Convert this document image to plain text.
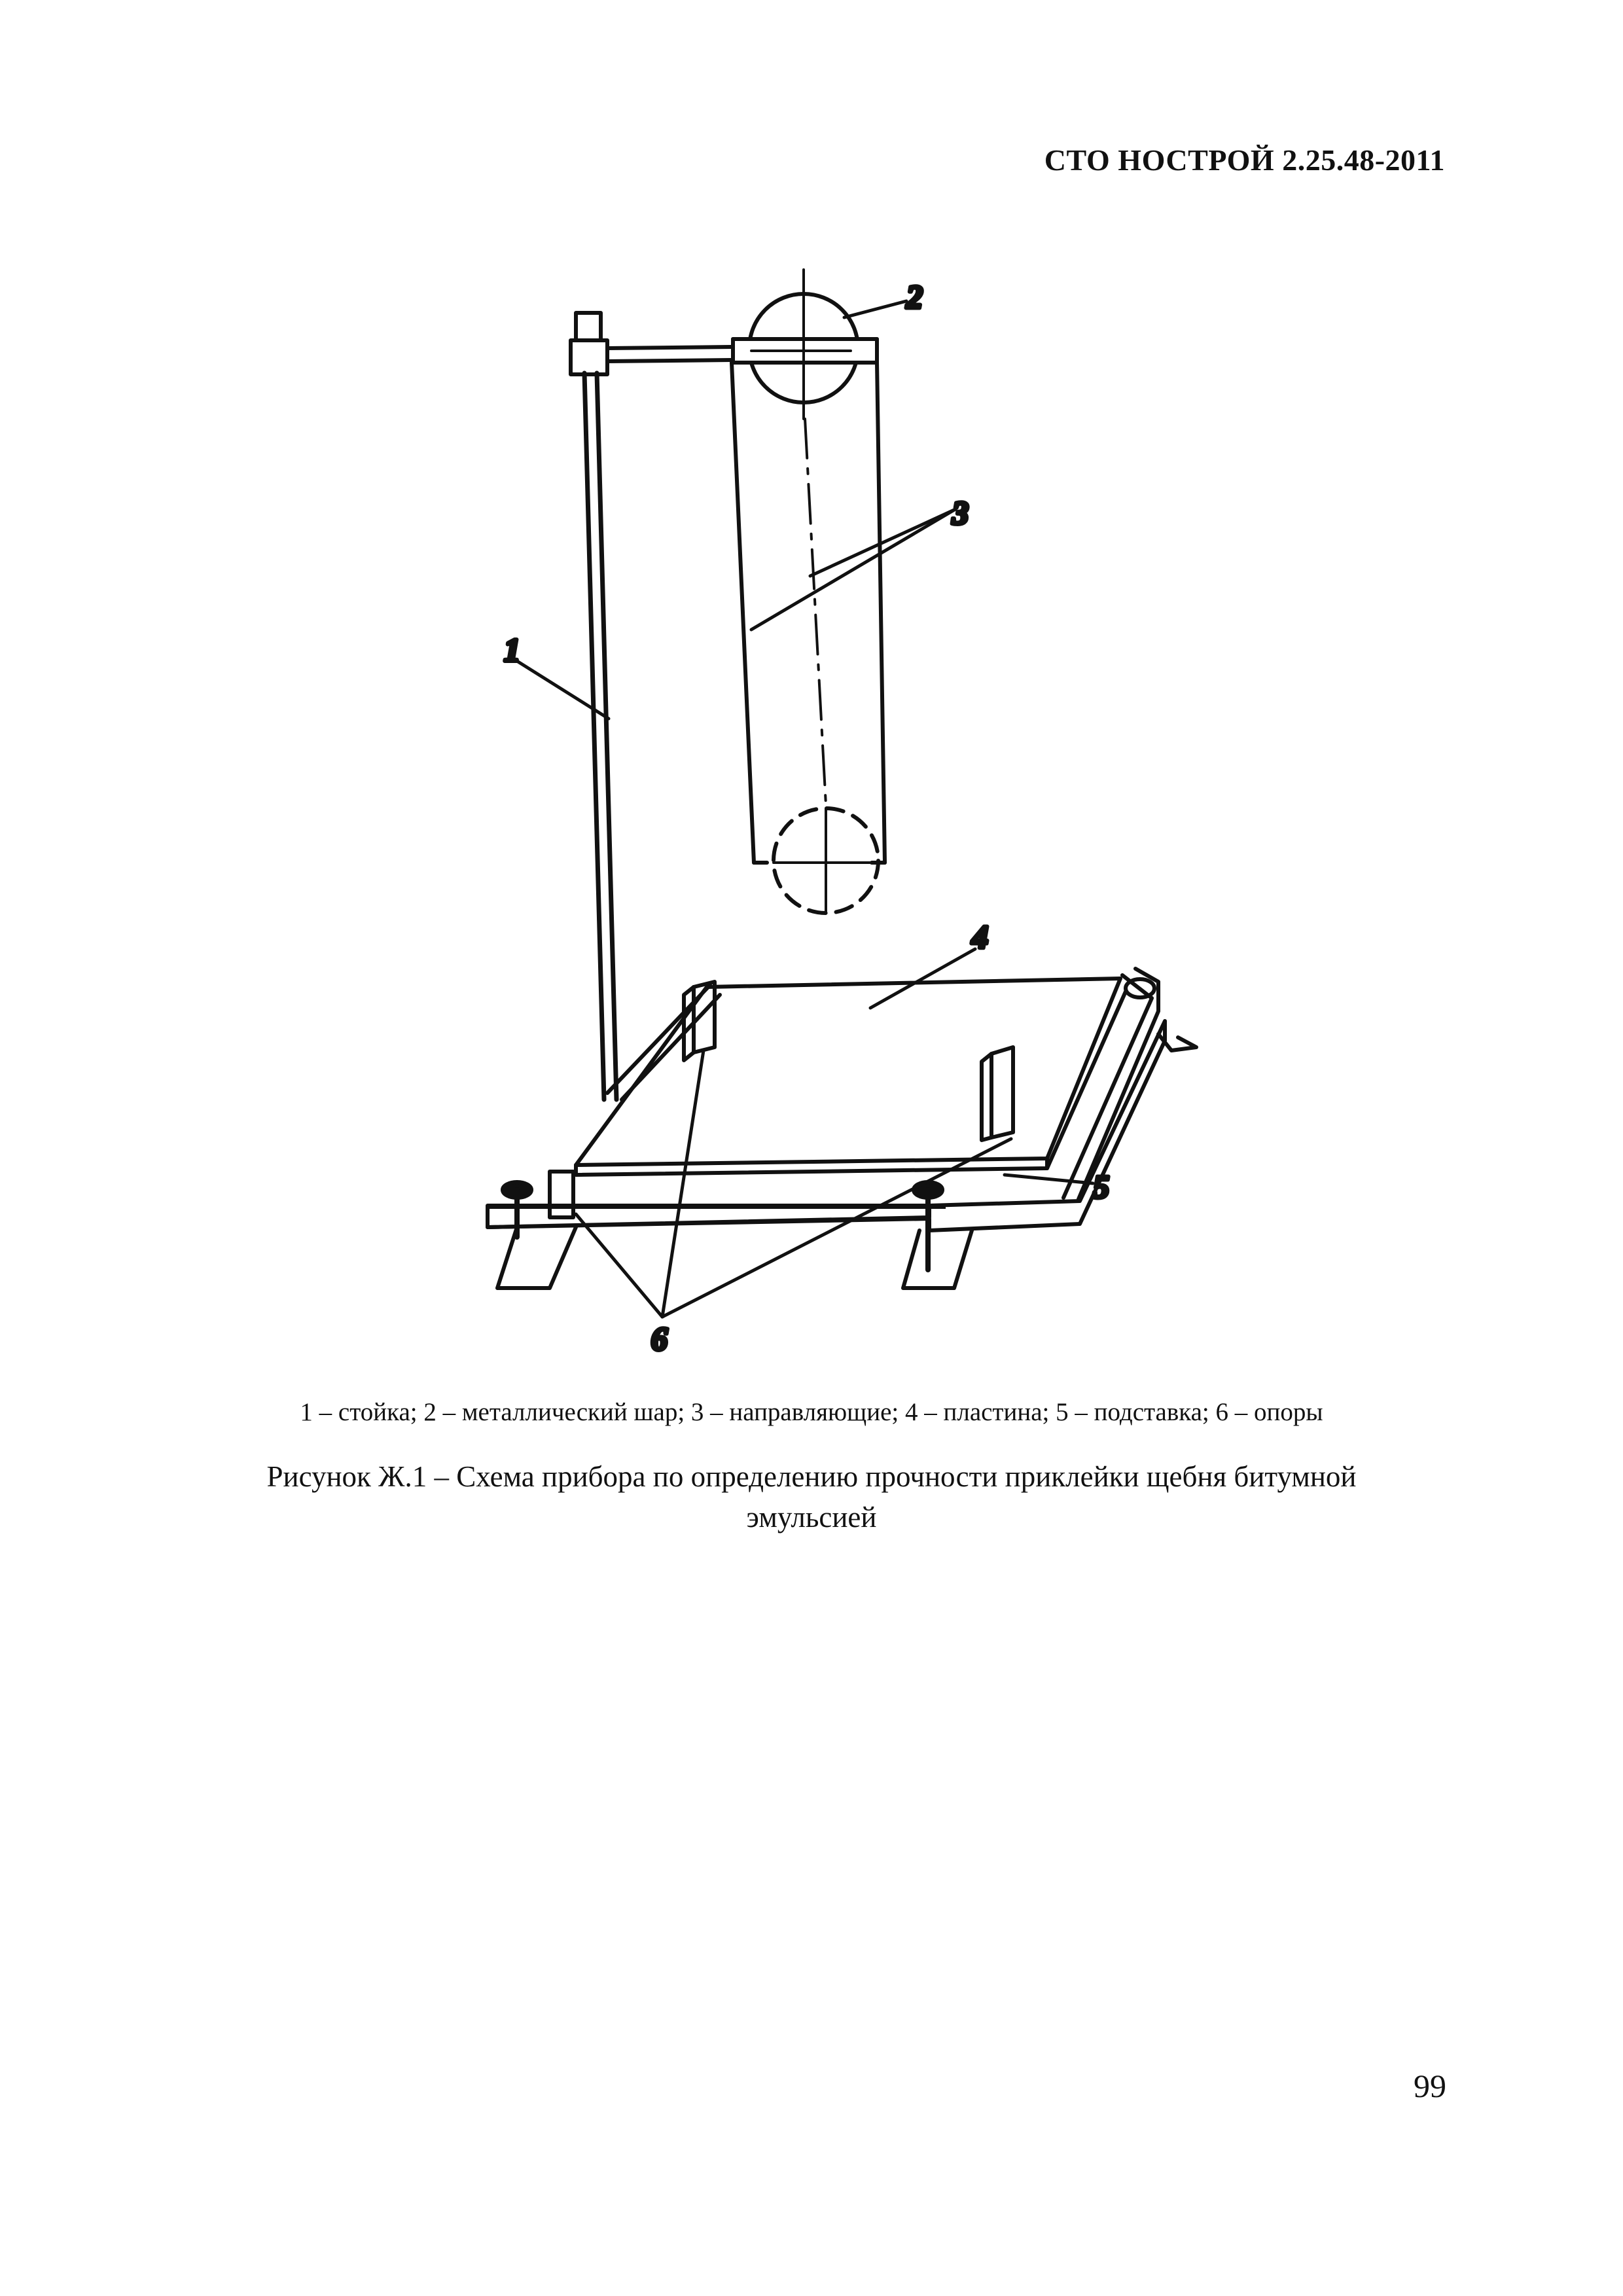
СТО НОСТРОЙ 2.25.48-2011
1
2
3
4
5
6
1 – стойка; 2 – металлический шар; 3 – направляющие; 4 – пластина; 5 – подставка; 6 – опоры
Рисунок Ж.1 – Схема прибора по определению прочности приклейки щебня битумной
эмульсией
99
